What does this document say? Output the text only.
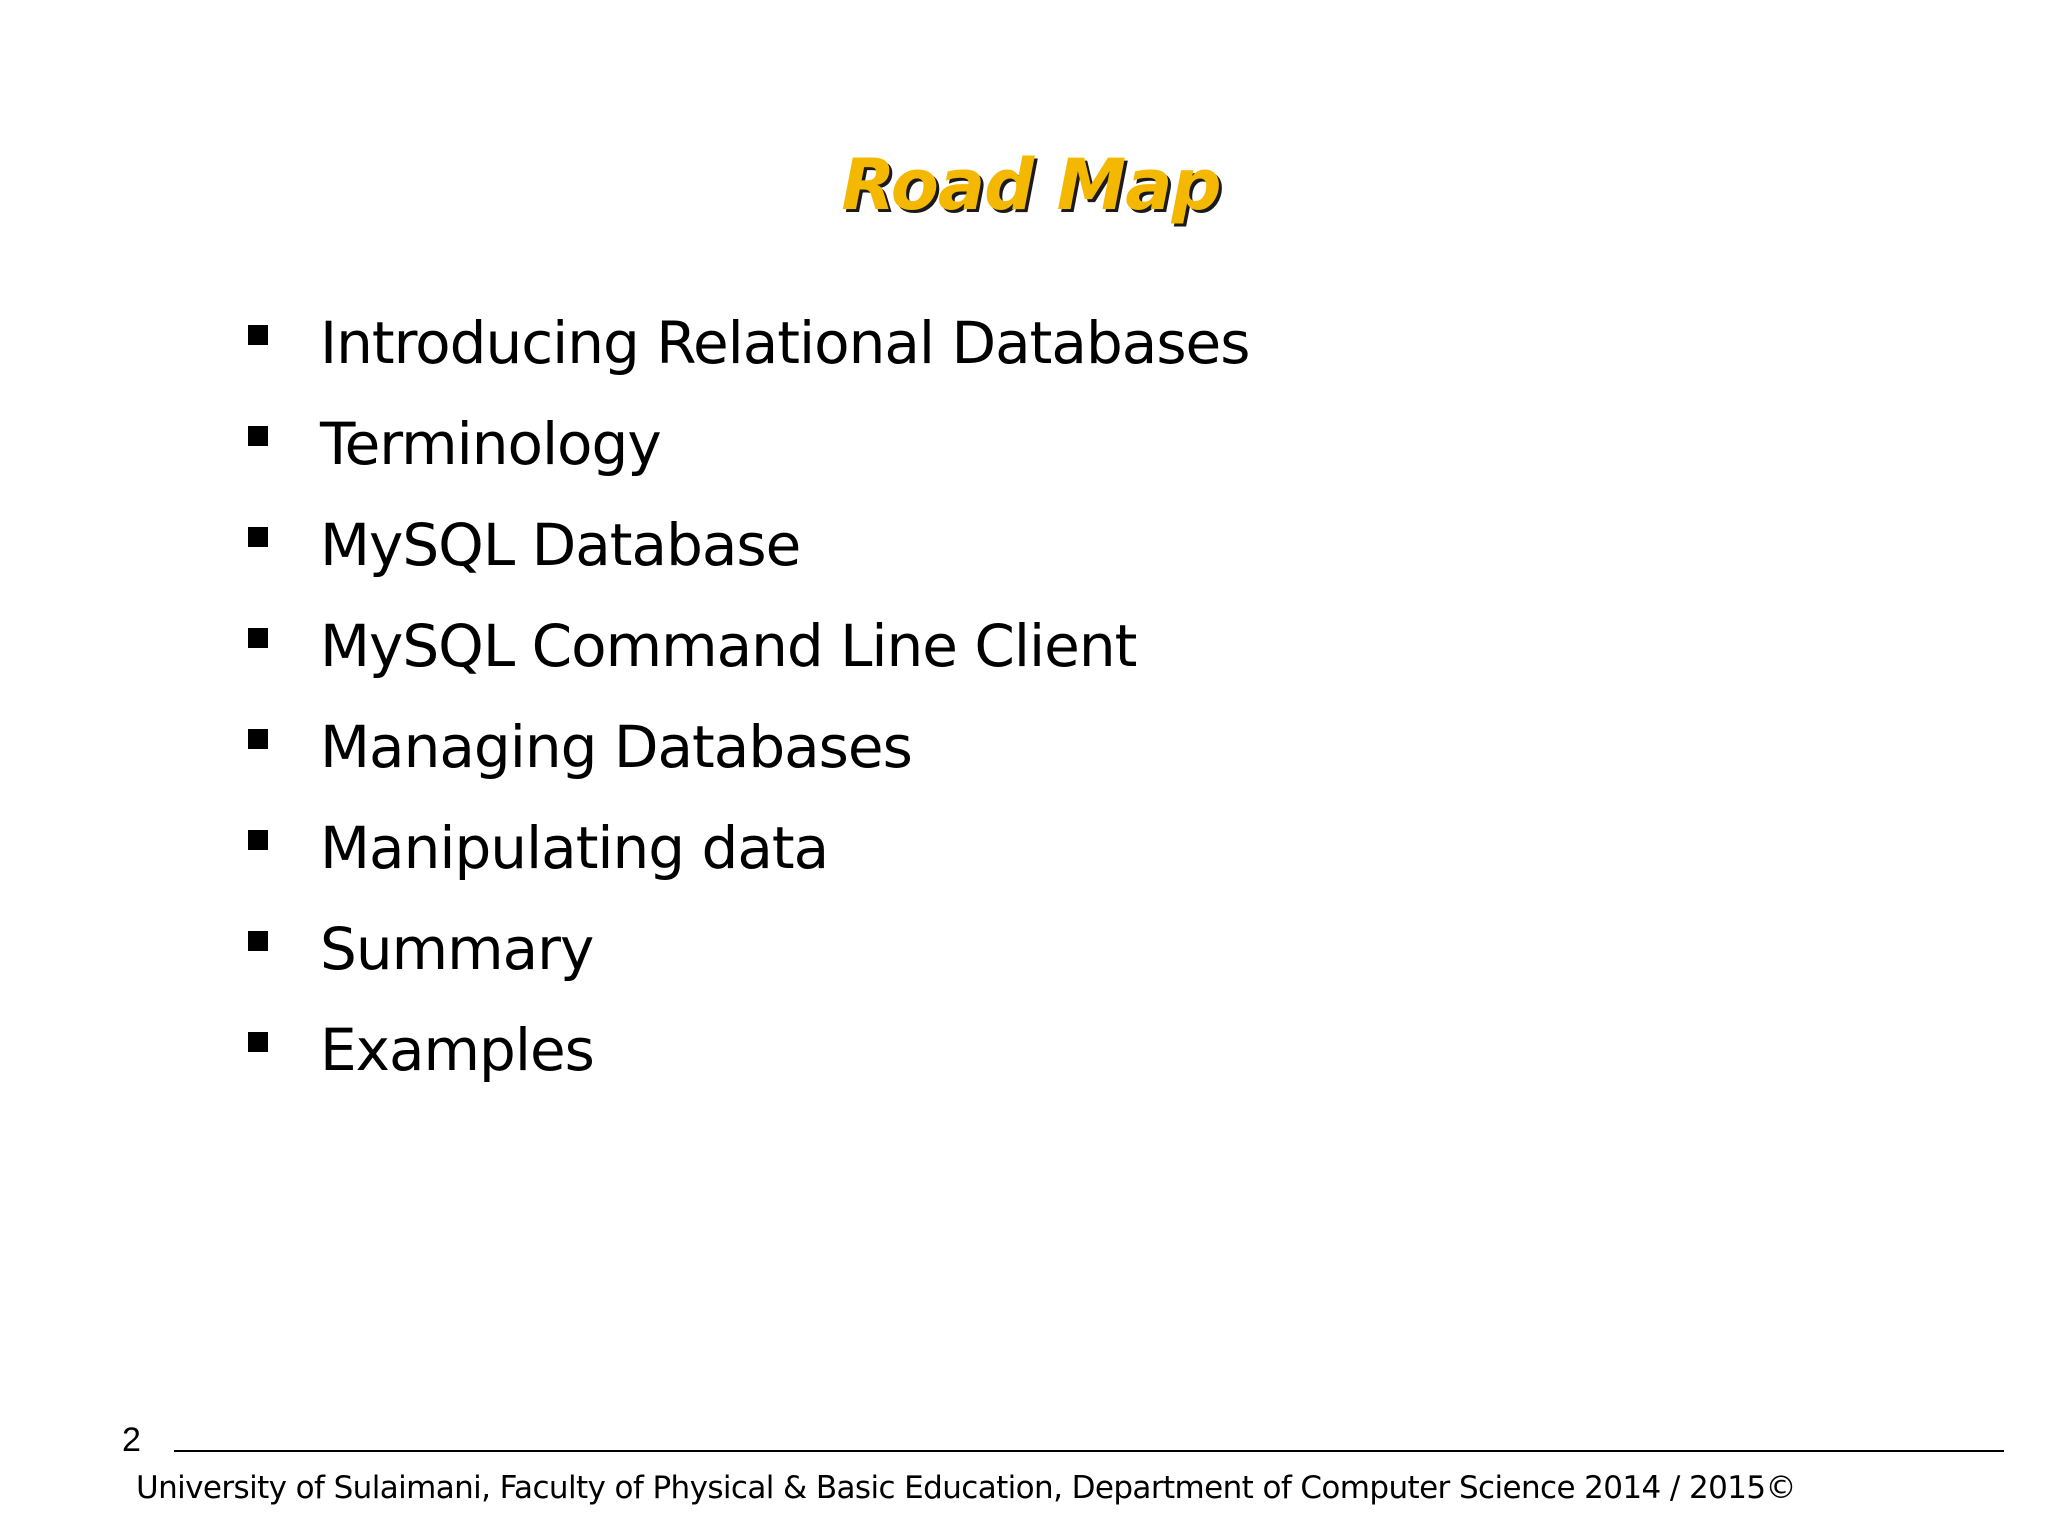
Road Map
Introducing Relational Databases
Terminology
MySQL Database
MySQL Command Line Client
Managing Databases
Manipulating data
Summary
Examples
2
University of Sulaimani, Faculty of Physical & Basic Education, Department of Computer Science 2014 / 2015©
